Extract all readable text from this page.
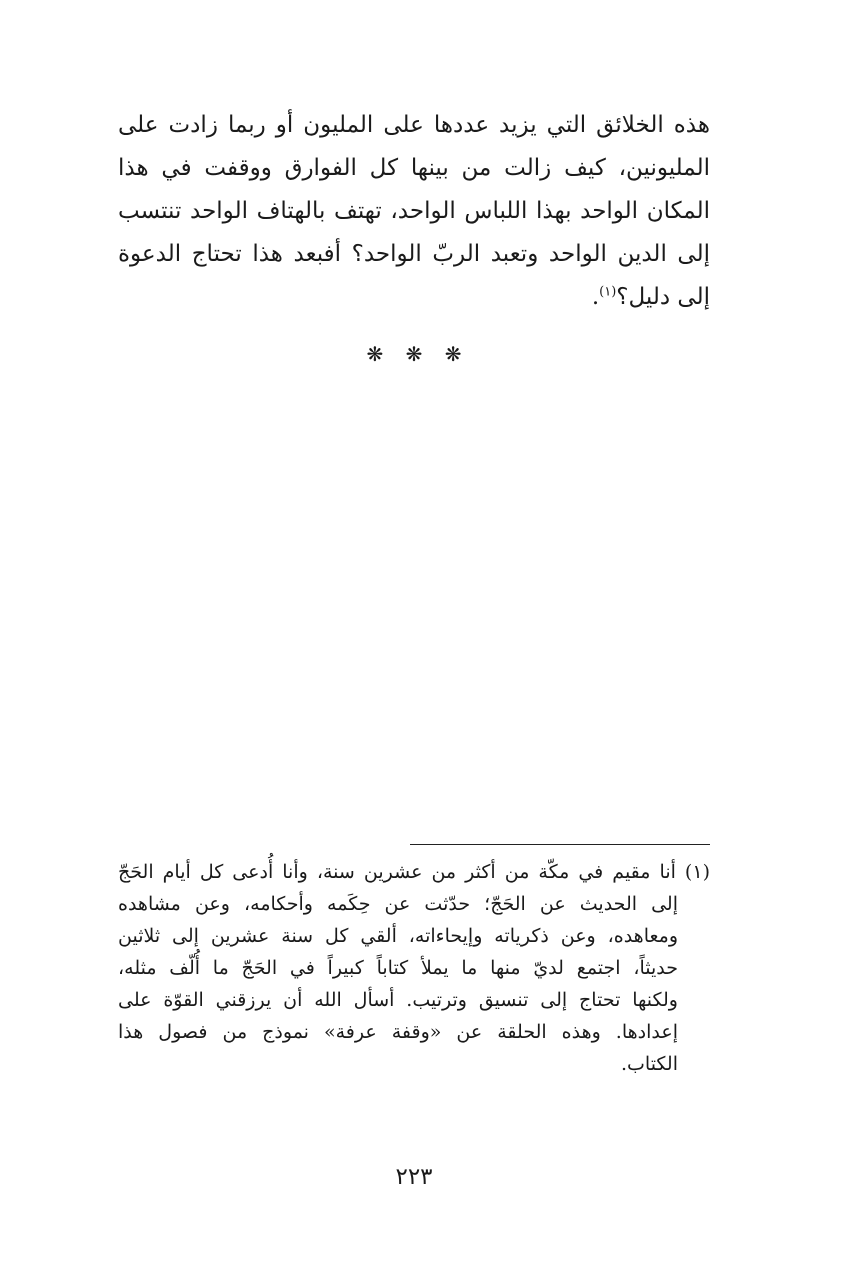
هذه الخلائق التي يزيد عددها على المليون أو ربما زادت على
المليونين، كيف زالت من بينها كل الفوارق ووقفت في هذا
المكان الواحد بهذا اللباس الواحد، تهتف بالهتاف الواحد تنتسب
إلى الدين الواحد وتعبد الربّ الواحد؟ أفبعد هذا تحتاج الدعوة
إلى دليل؟$^{(١)}$.

❋ ❋ ❋

(١) أنا مقيم في مكّة من أكثر من عشرين سنة، وأنا أُدعى كل أيام الحَجّ
إلى الحديث عن الحَجّ؛ حدّثت عن حِكَمه وأحكامه، وعن مشاهده
ومعاهده، وعن ذكرياته وإيحاءاته، ألقي كل سنة عشرين إلى ثلاثين
حديثاً، اجتمع لديّ منها ما يملأ كتاباً كبيراً في الحَجّ ما أُلّف مثله،
ولكنها تحتاج إلى تنسيق وترتيب. أسأل الله أن يرزقني القوّة على
إعدادها. وهذه الحلقة عن «وقفة عرفة» نموذج من فصول هذا
الكتاب.

٢٢٣
